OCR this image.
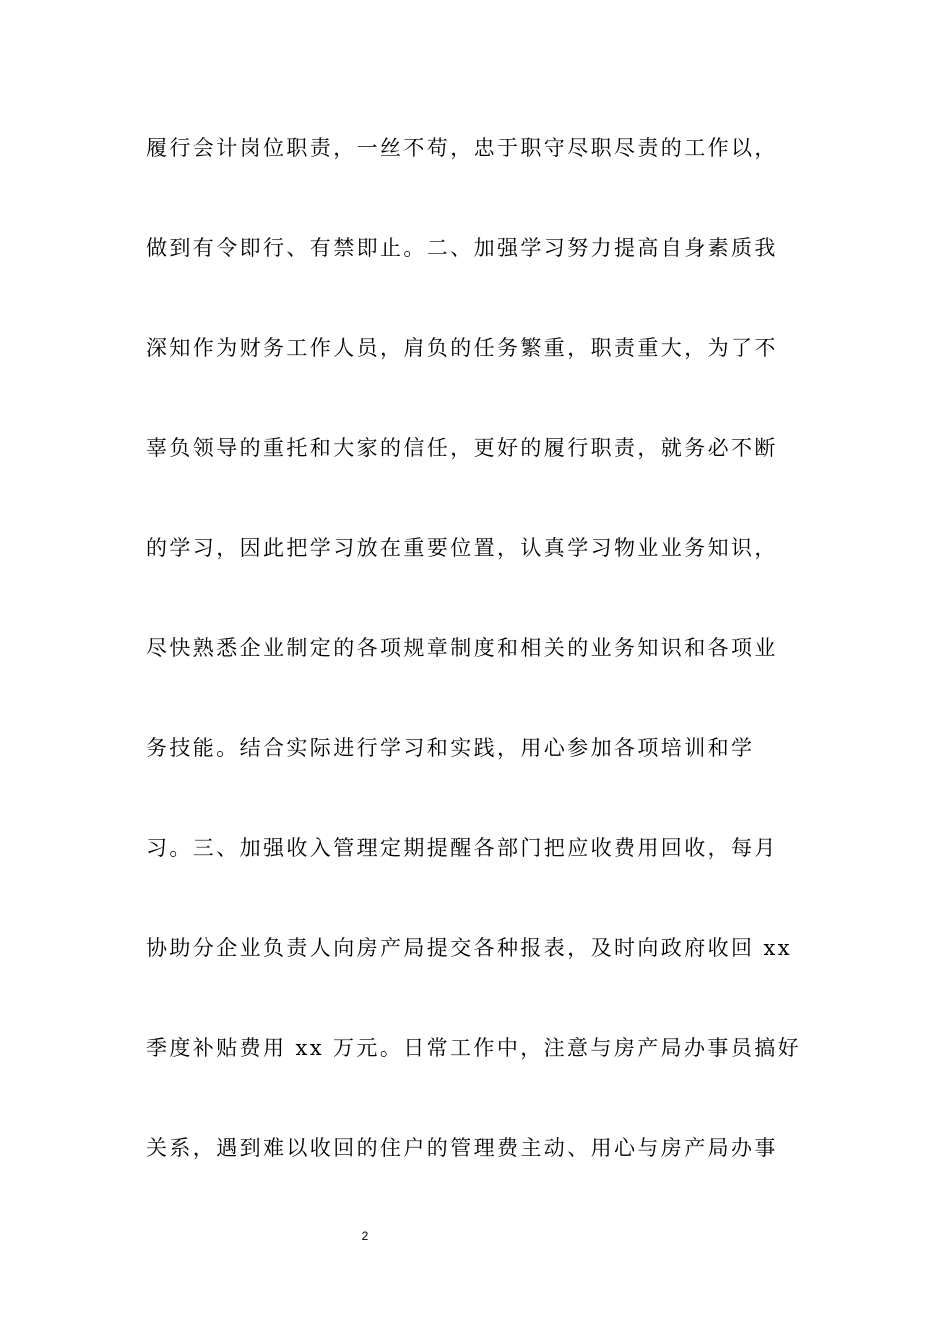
履行会计岗位职责，一丝不苟，忠于职守尽职尽责的工作以，
做到有令即行、有禁即止。二、加强学习努力提高自身素质我
深知作为财务工作人员，肩负的任务繁重，职责重大，为了不
辜负领导的重托和大家的信任，更好的履行职责，就务必不断
的学习，因此把学习放在重要位置，认真学习物业业务知识，
尽快熟悉企业制定的各项规章制度和相关的业务知识和各项业
务技能。结合实际进行学习和实践，用心参加各项培训和学
习。三、加强收入管理定期提醒各部门把应收费用回收，每月
协助分企业负责人向房产局提交各种报表，及时向政府收回 xx
季度补贴费用 xx 万元。日常工作中，注意与房产局办事员搞好
关系，遇到难以收回的住户的管理费主动、用心与房产局办事
2
